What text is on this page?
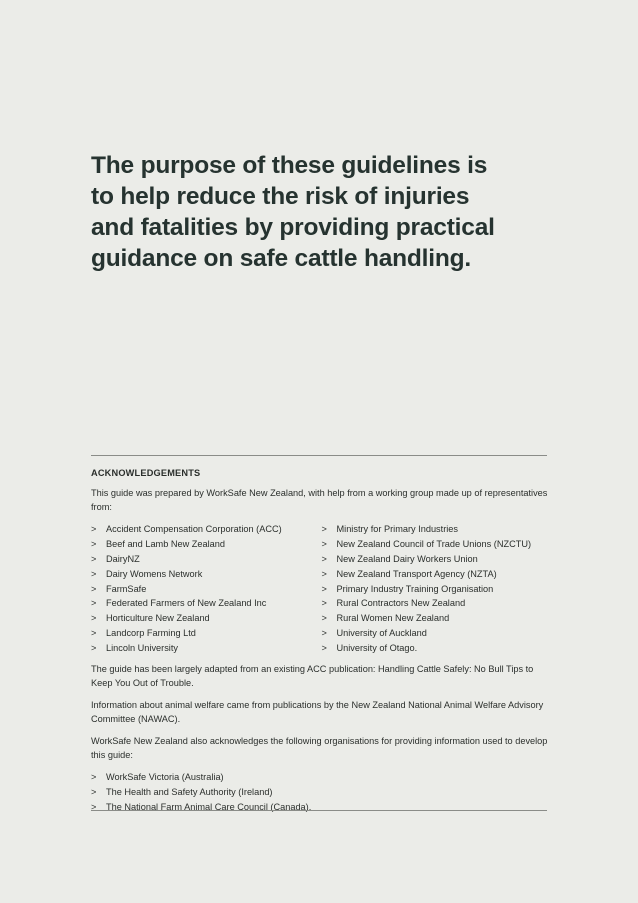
The purpose of these guidelines is
to help reduce the risk of injuries
and fatalities by providing practical
guidance on safe cattle handling.
ACKNOWLEDGEMENTS

This guide was prepared by WorkSafe New Zealand, with help from a working group made up of representatives from:

> Accident Compensation Corporation (ACC)
> Beef and Lamb New Zealand
> DairyNZ
> Dairy Womens Network
> FarmSafe
> Federated Farmers of New Zealand Inc
> Horticulture New Zealand
> Landcorp Farming Ltd
> Lincoln University
> Ministry for Primary Industries
> New Zealand Council of Trade Unions (NZCTU)
> New Zealand Dairy Workers Union
> New Zealand Transport Agency (NZTA)
> Primary Industry Training Organisation
> Rural Contractors New Zealand
> Rural Women New Zealand
> University of Auckland
> University of Otago.

The guide has been largely adapted from an existing ACC publication: Handling Cattle Safely: No Bull Tips to Keep You Out of Trouble.

Information about animal welfare came from publications by the New Zealand National Animal Welfare Advisory Committee (NAWAC).

WorkSafe New Zealand also acknowledges the following organisations for providing information used to develop this guide:

> WorkSafe Victoria (Australia)
> The Health and Safety Authority (Ireland)
> The National Farm Animal Care Council (Canada).
